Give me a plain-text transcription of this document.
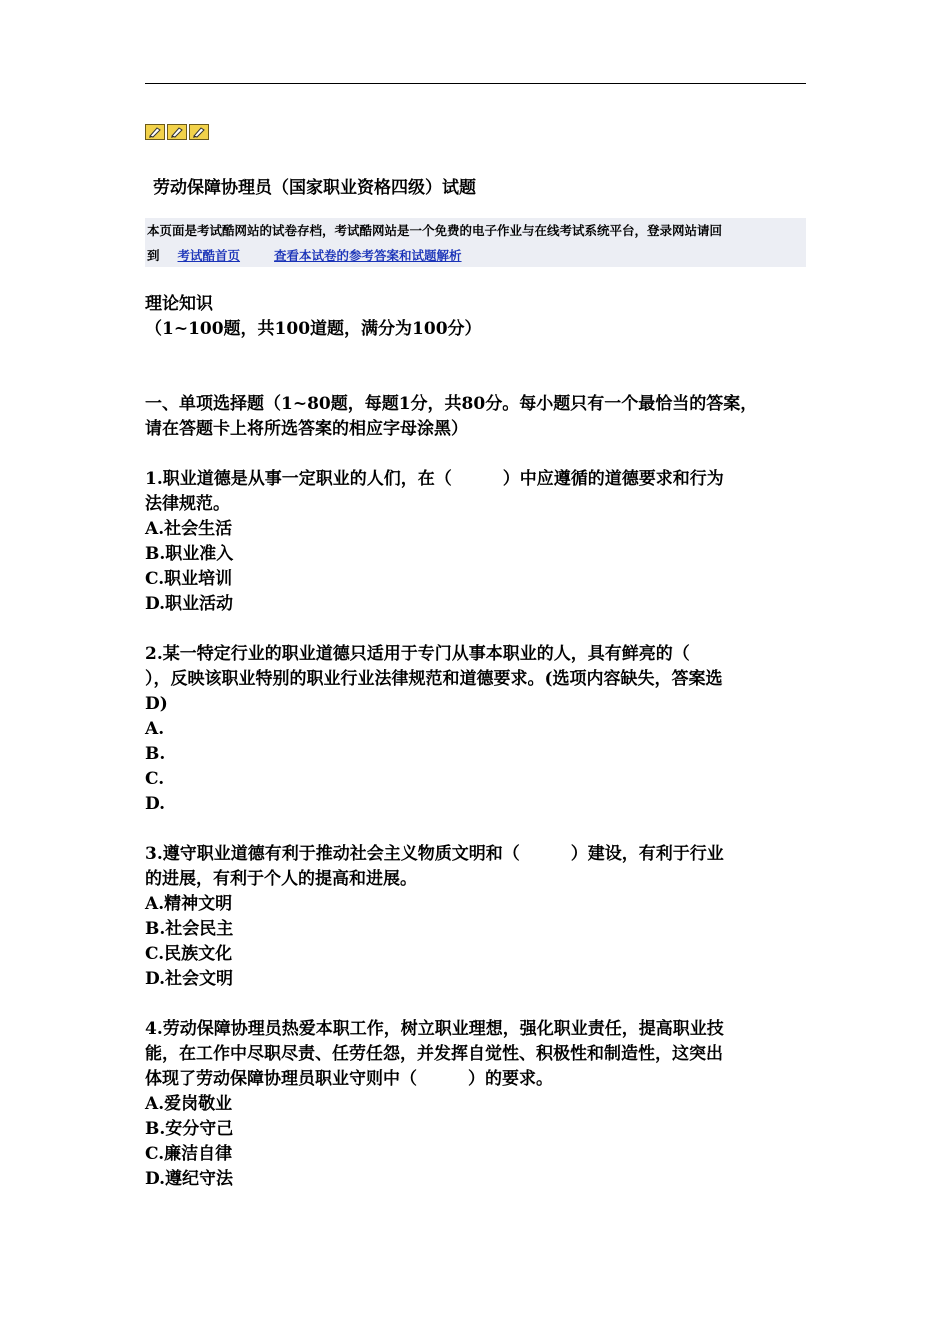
劳动保障协理员（国家职业资格四级）试题
本页面是考试酷网站的试卷存档，考试酷网站是一个免费的电子作业与在线考试系统平台，登录网站请回
到 考试酷首页	查看本试卷的参考答案和试题解析

理论知识

（1~100题，共100道题，满分为100分）

一、单项选择题（1~80题，每题1分，共80分。每小题只有一个最恰当的答案，

请在答题卡上将所选答案的相应字母涂黑）

1.职业道德是从事一定职业的人们，在（　　　）中应遵循的道德要求和行为

法律规范。

A.社会生活

B.职业准入

C.职业培训

D.职业活动

2.某一特定行业的职业道德只适用于专门从事本职业的人，具有鲜亮的（

），反映该职业特别的职业行业法律规范和道德要求。(选项内容缺失，答案选

D)

A.

B.

C.

D.

3.遵守职业道德有利于推动社会主义物质文明和（　　　）建设，有利于行业

的进展，有利于个人的提高和进展。

A.精神文明

B.社会民主

C.民族文化

D.社会文明

4.劳动保障协理员热爱本职工作，树立职业理想，强化职业责任，提高职业技

能，在工作中尽职尽责、任劳任怨，并发挥自觉性、积极性和制造性，这突出

体现了劳动保障协理员职业守则中（　　　）的要求。

A.爱岗敬业

B.安分守己

C.廉洁自律

D.遵纪守法
